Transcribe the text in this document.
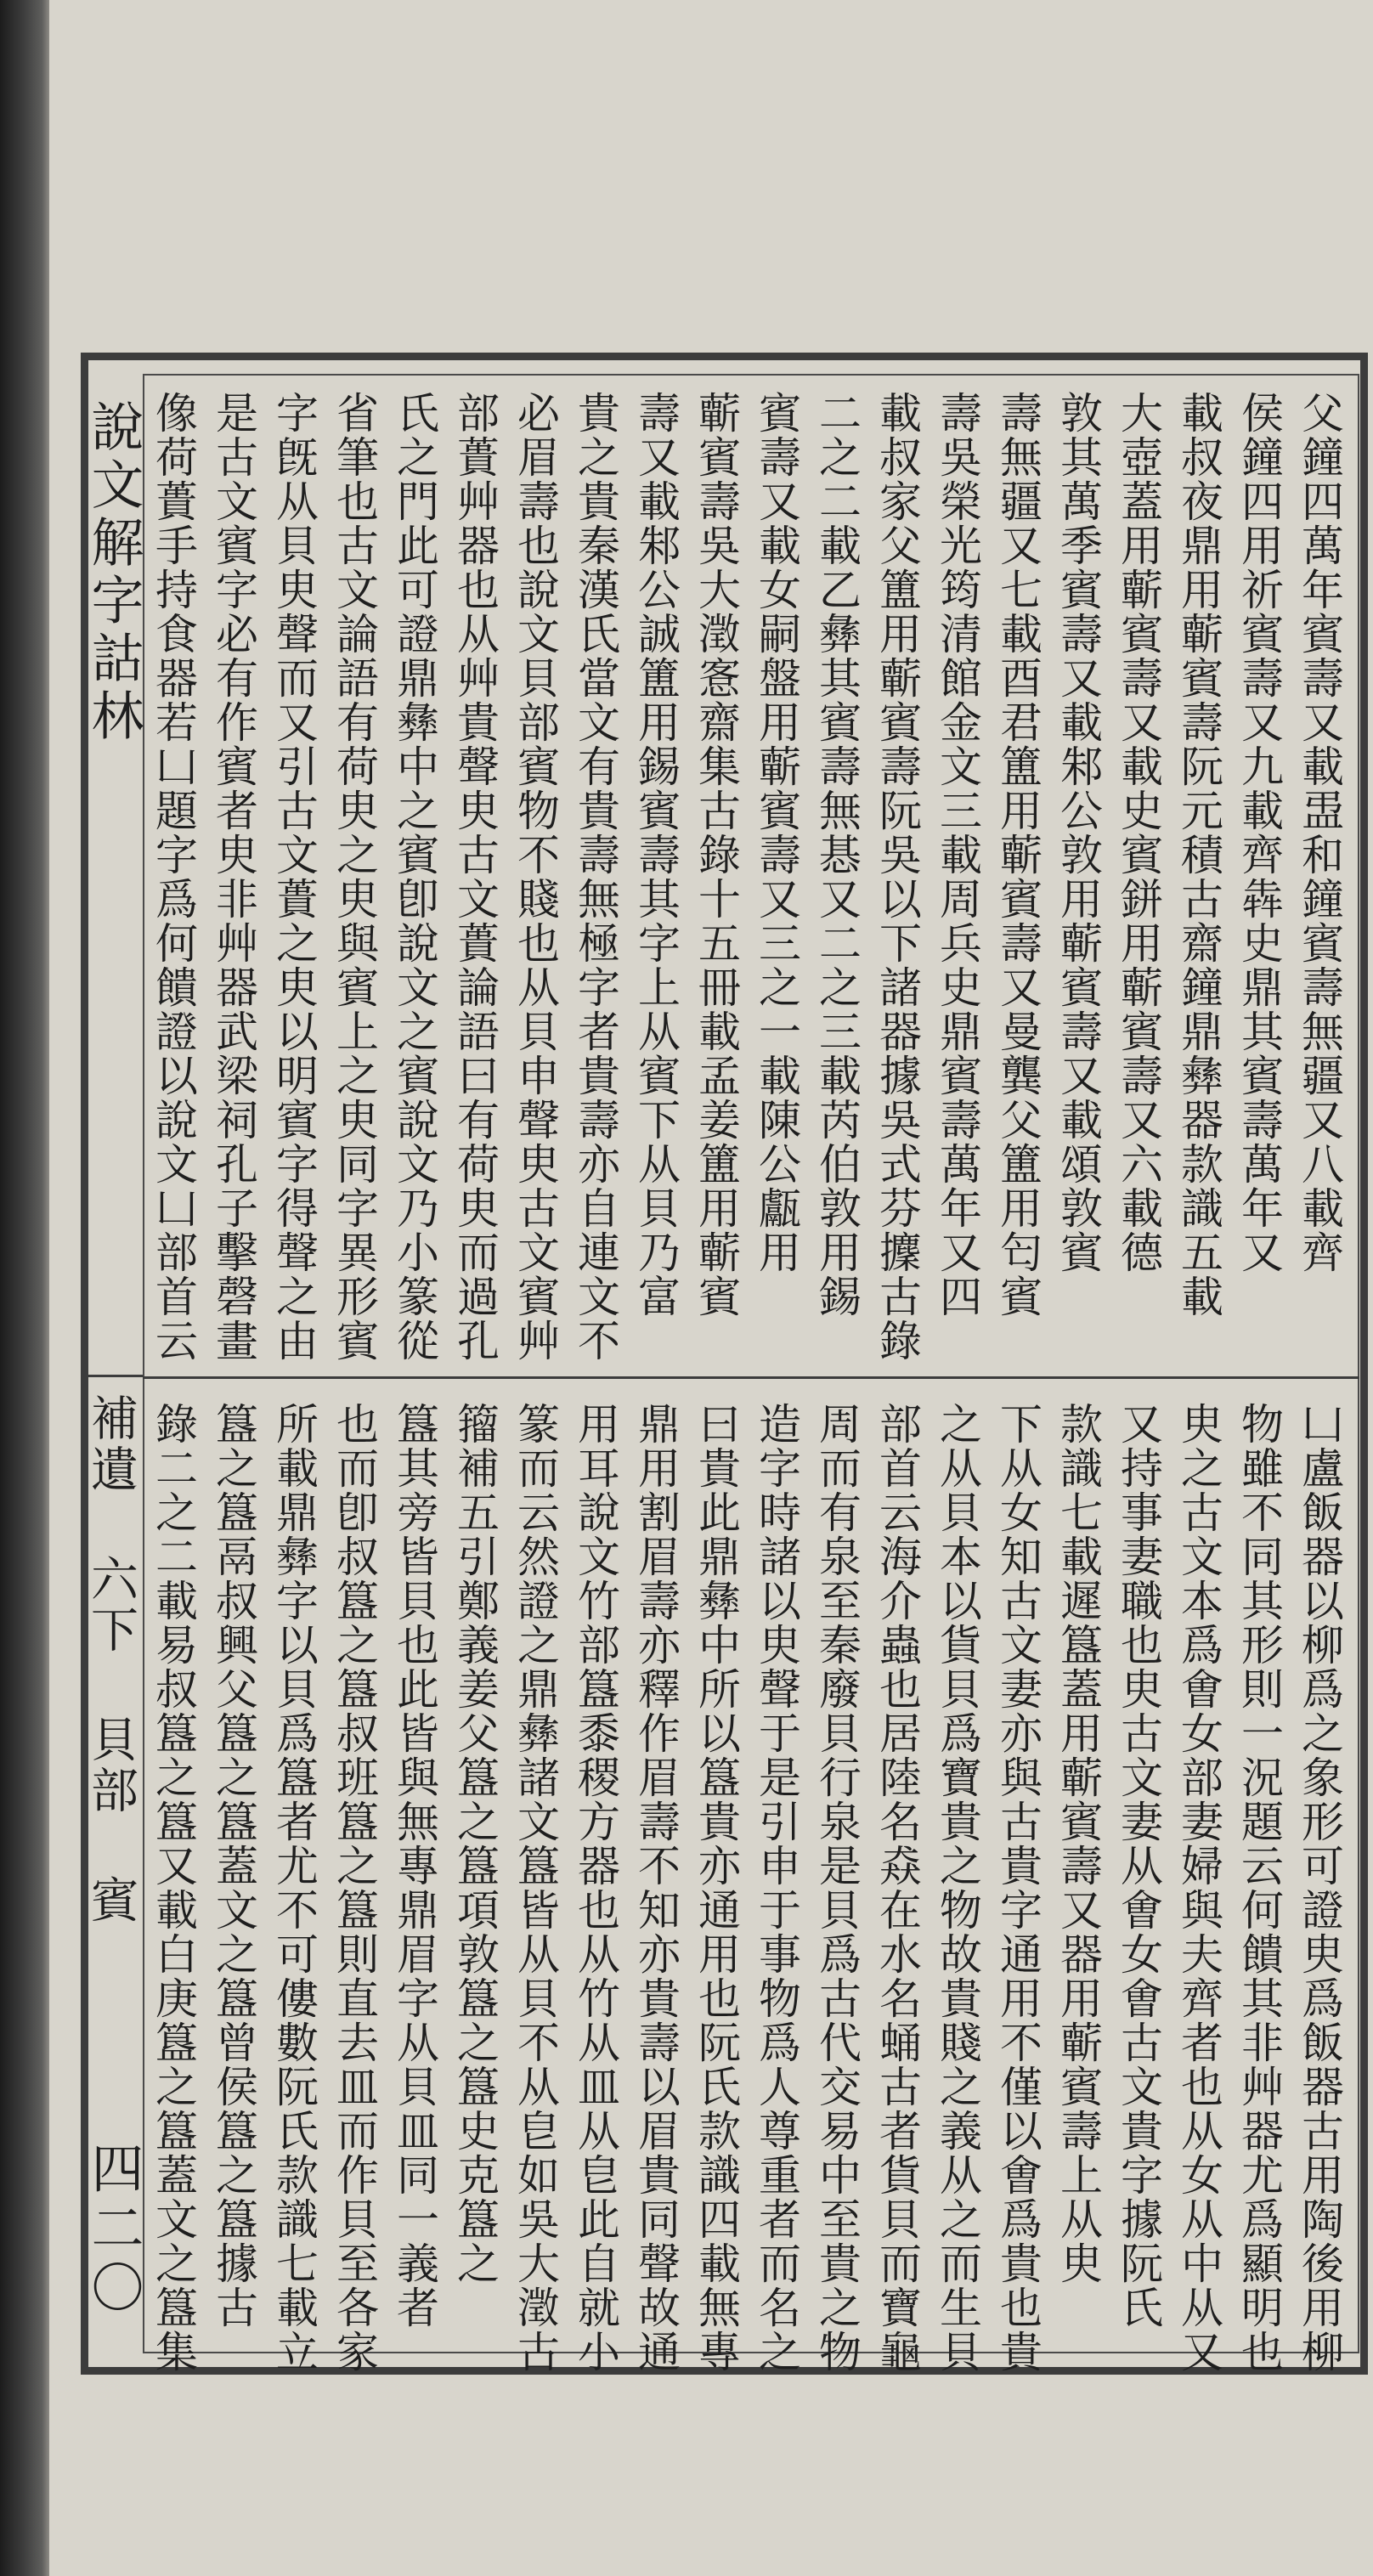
說文解字詁林
補遺 六下 貝部 賓
四二〇
父鐘四萬年賓壽又載盄和鐘賓壽無疆又八載齊
侯鐘四用祈賓壽又九載齊犇史鼎其賓壽萬年又
載叔夜鼎用蘄賓壽阮元積古齋鐘鼎彝器款識五載
大壺蓋用蘄賓壽又載史賓鉼用蘄賓壽又六載德
敦其萬季賓壽又載邾公敦用蘄賓壽又載頌敦賓
壽無疆又七載酉君簠用蘄賓壽又曼龔父簠用匄賓
壽吳榮光筠清館金文三載周兵史鼎賓壽萬年又四
載叔家父簠用蘄賓壽阮吳以下諸器據吳式芬攈古錄
二之二載乙彝其賓壽無惎又二之三載芮伯敦用錫
賓壽又載女嗣盤用蘄賓壽又三之一載陳公甗用
蘄賓壽吳大澂愙齋集古錄十五冊載孟姜簠用蘄賓
壽又載邾公誠簠用錫賓壽其字上从賓下从貝乃富
貴之貴秦漢氏當文有貴壽無極字者貴壽亦自連文不
必眉壽也說文貝部賓物不賤也从貝申聲㬰古文賓艸
部蕢艸器也从艸貴聲㬰古文蕢論語曰有荷㬰而過孔
氏之門此可證鼎彝中之賓卽說文之賓說文乃小篆從
省筆也古文論語有荷㬰之㬰與賓上之㬰同字異形賓
字旣从貝㬰聲而又引古文蕢之㬰以明賓字得聲之由
是古文賓字必有作賓者㬰非艸器武梁祠孔子擊磬畫
像荷蕢手持食器若凵題字爲何饋證以說文凵部首云
凵盧飯器以柳爲之象形可證㬰爲飯器古用陶後用柳
物雖不同其形則一況題云何饋其非艸器尤爲顯明也
㬰之古文本爲㑹女部妻婦與夫齊者也从女从中从又
又持事妻職也㬰古文妻从㑹女㑹古文貴字據阮氏
款識七載遲簋蓋用蘄賓壽又器用蘄賓壽上从㬰
下从女知古文妻亦與古貴字通用不僅以㑹爲貴也貴
之从貝本以貨貝爲寶貴之物故貴賤之義从之而生貝
部首云海介蟲也居陸名猋在水名蛹古者貨貝而寶龜
周而有泉至秦廢貝行泉是貝爲古代交易中至貴之物
造字時諸以㬰聲于是引申于事物爲人尊重者而名之
曰貴此鼎彝中所以簋貴亦通用也阮氏款識四載無專
鼎用割眉壽亦釋作眉壽不知亦貴壽以眉貴同聲故通
用耳說文竹部簋黍稷方器也从竹从皿从皀此自就小
篆而云然證之鼎彝諸文簋皆从貝不从皀如吳大澂古
籀補五引鄭義姜父簋之簋項敦簋之簋史克簋之
簋其旁皆貝也此皆與無專鼎眉字从貝皿同一義者
也而卽叔簋之簋叔班簋之簋則直去皿而作貝至各家
所載鼎彝字以貝爲簋者尤不可僂數阮氏款識七載立
簋之簋鬲叔興父簋之簋蓋文之簋曾侯簋之簋據古
錄二之二載易叔簋之簋又載白庚簋之簋蓋文之簋集
